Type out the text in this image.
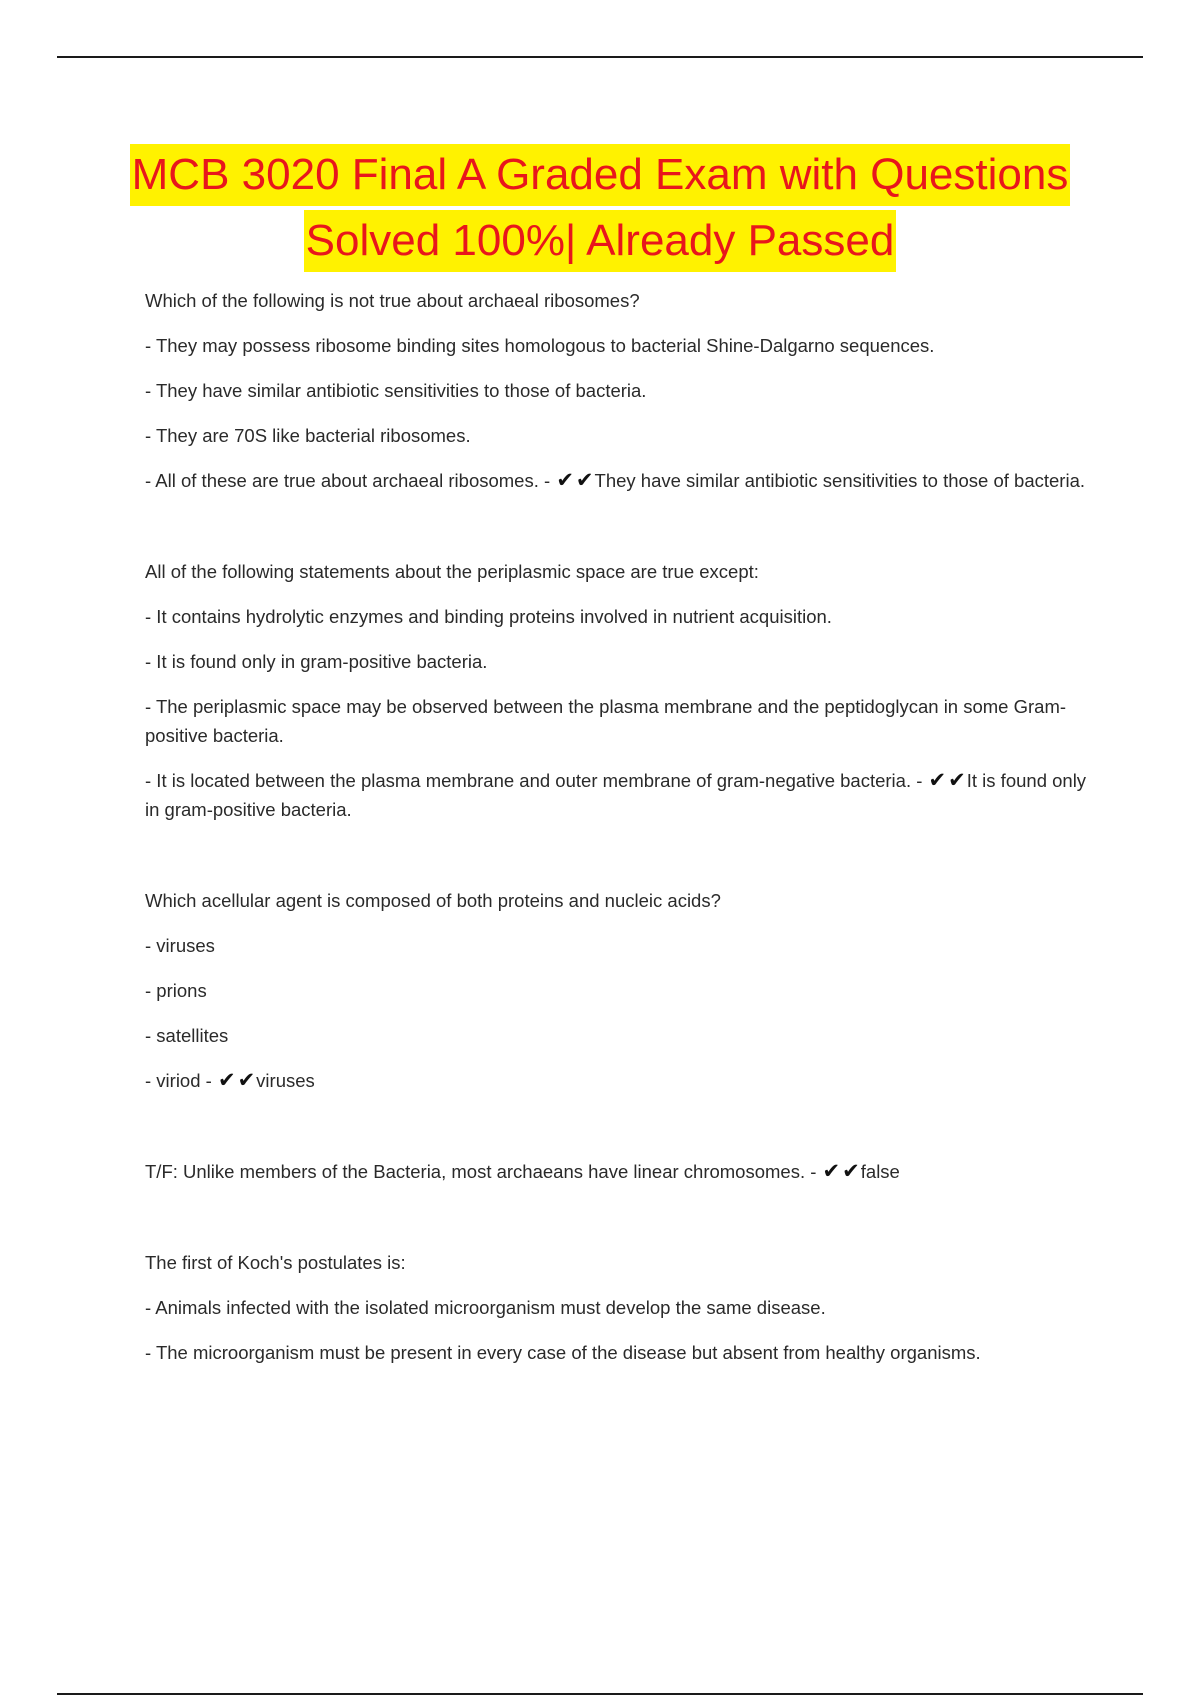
MCB 3020 Final A Graded Exam with Questions
Solved 100%| Already Passed
Which of the following is not true about archaeal ribosomes?
- They may possess ribosome binding sites homologous to bacterial Shine-Dalgarno sequences.
- They have similar antibiotic sensitivities to those of bacteria.
- They are 70S like bacterial ribosomes.
- All of these are true about archaeal ribosomes. - ✔✔They have similar antibiotic sensitivities to those of bacteria.
All of the following statements about the periplasmic space are true except:
- It contains hydrolytic enzymes and binding proteins involved in nutrient acquisition.
- It is found only in gram-positive bacteria.
- The periplasmic space may be observed between the plasma membrane and the peptidoglycan in some Gram-positive bacteria.
- It is located between the plasma membrane and outer membrane of gram-negative bacteria. - ✔✔It is found only in gram-positive bacteria.
Which acellular agent is composed of both proteins and nucleic acids?
- viruses
- prions
- satellites
- viriod - ✔✔viruses
T/F: Unlike members of the Bacteria, most archaeans have linear chromosomes. - ✔✔false
The first of Koch's postulates is:
- Animals infected with the isolated microorganism must develop the same disease.
- The microorganism must be present in every case of the disease but absent from healthy organisms.
